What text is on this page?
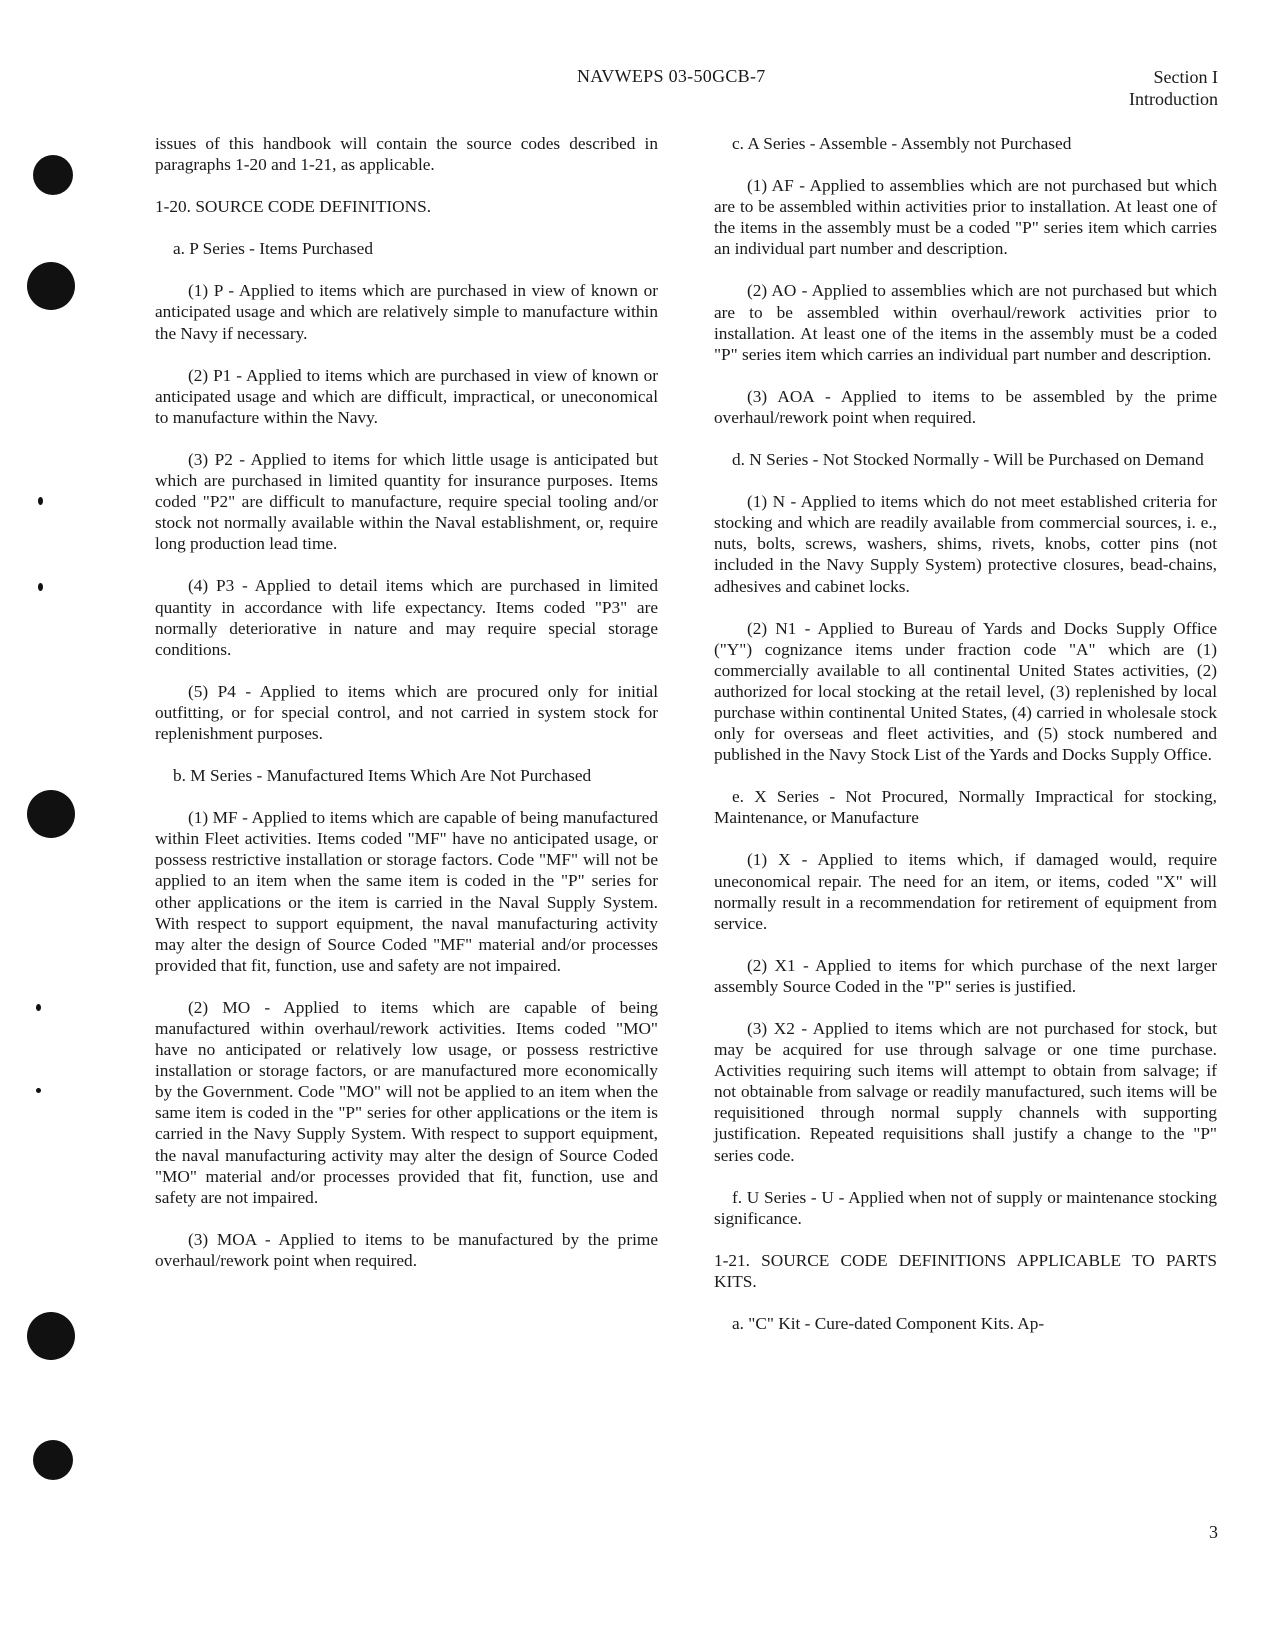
NAVWEPS 03-50GCB-7	Section I
Introduction

issues of this handbook will contain the source codes described in paragraphs 1-20 and 1-21, as applicable.

1-20. SOURCE CODE DEFINITIONS.

a. P Series - Items Purchased

(1) P - Applied to items which are purchased in view of known or anticipated usage and which are relatively simple to manufacture within the Navy if necessary.

(2) P1 - Applied to items which are purchased in view of known or anticipated usage and which are difficult, impractical, or uneconomical to manufacture within the Navy.

(3) P2 - Applied to items for which little usage is anticipated but which are purchased in limited quantity for insurance purposes. Items coded "P2" are difficult to manufacture, require special tooling and/or stock not normally available within the Naval establishment, or, require long production lead time.

(4) P3 - Applied to detail items which are purchased in limited quantity in accordance with life expectancy. Items coded "P3" are normally deteriorative in nature and may require special storage conditions.

(5) P4 - Applied to items which are procured only for initial outfitting, or for special control, and not carried in system stock for replenishment purposes.

b. M Series - Manufactured Items Which Are Not Purchased

(1) MF - Applied to items which are capable of being manufactured within Fleet activities. Items coded "MF" have no anticipated usage, or possess restrictive installation or storage factors. Code "MF" will not be applied to an item when the same item is coded in the "P" series for other applications or the item is carried in the Naval Supply System. With respect to support equipment, the naval manufacturing activity may alter the design of Source Coded "MF" material and/or processes provided that fit, function, use and safety are not impaired.

(2) MO - Applied to items which are capable of being manufactured within overhaul/rework activities. Items coded "MO" have no anticipated or relatively low usage, or possess restrictive installation or storage factors, or are manufactured more economically by the Government. Code "MO" will not be applied to an item when the same item is coded in the "P" series for other applications or the item is carried in the Navy Supply System. With respect to support equipment, the naval manufacturing activity may alter the design of Source Coded "MO" material and/or processes provided that fit, function, use and safety are not impaired.

(3) MOA - Applied to items to be manufactured by the prime overhaul/rework point when required.

c. A Series - Assemble - Assembly not Purchased

(1) AF - Applied to assemblies which are not purchased but which are to be assembled within activities prior to installation. At least one of the items in the assembly must be a coded "P" series item which carries an individual part number and description.

(2) AO - Applied to assemblies which are not purchased but which are to be assembled within overhaul/rework activities prior to installation. At least one of the items in the assembly must be a coded "P" series item which carries an individual part number and description.

(3) AOA - Applied to items to be assembled by the prime overhaul/rework point when required.

d. N Series - Not Stocked Normally - Will be Purchased on Demand

(1) N - Applied to items which do not meet established criteria for stocking and which are readily available from commercial sources, i. e., nuts, bolts, screws, washers, shims, rivets, knobs, cotter pins (not included in the Navy Supply System) protective closures, bead-chains, adhesives and cabinet locks.

(2) N1 - Applied to Bureau of Yards and Docks Supply Office ("Y") cognizance items under fraction code "A" which are (1) commercially available to all continental United States activities, (2) authorized for local stocking at the retail level, (3) replenished by local purchase within continental United States, (4) carried in wholesale stock only for overseas and fleet activities, and (5) stock numbered and published in the Navy Stock List of the Yards and Docks Supply Office.

e. X Series - Not Procured, Normally Impractical for stocking, Maintenance, or Manufacture

(1) X - Applied to items which, if damaged would, require uneconomical repair. The need for an item, or items, coded "X" will normally result in a recommendation for retirement of equipment from service.

(2) X1 - Applied to items for which purchase of the next larger assembly Source Coded in the "P" series is justified.

(3) X2 - Applied to items which are not purchased for stock, but may be acquired for use through salvage or one time purchase. Activities requiring such items will attempt to obtain from salvage; if not obtainable from salvage or readily manufactured, such items will be requisitioned through normal supply channels with supporting justification. Repeated requisitions shall justify a change to the "P" series code.

f. U Series - U - Applied when not of supply or maintenance stocking significance.

1-21. SOURCE CODE DEFINITIONS APPLICABLE TO PARTS KITS.

a. "C" Kit - Cure-dated Component Kits. Ap-

3
